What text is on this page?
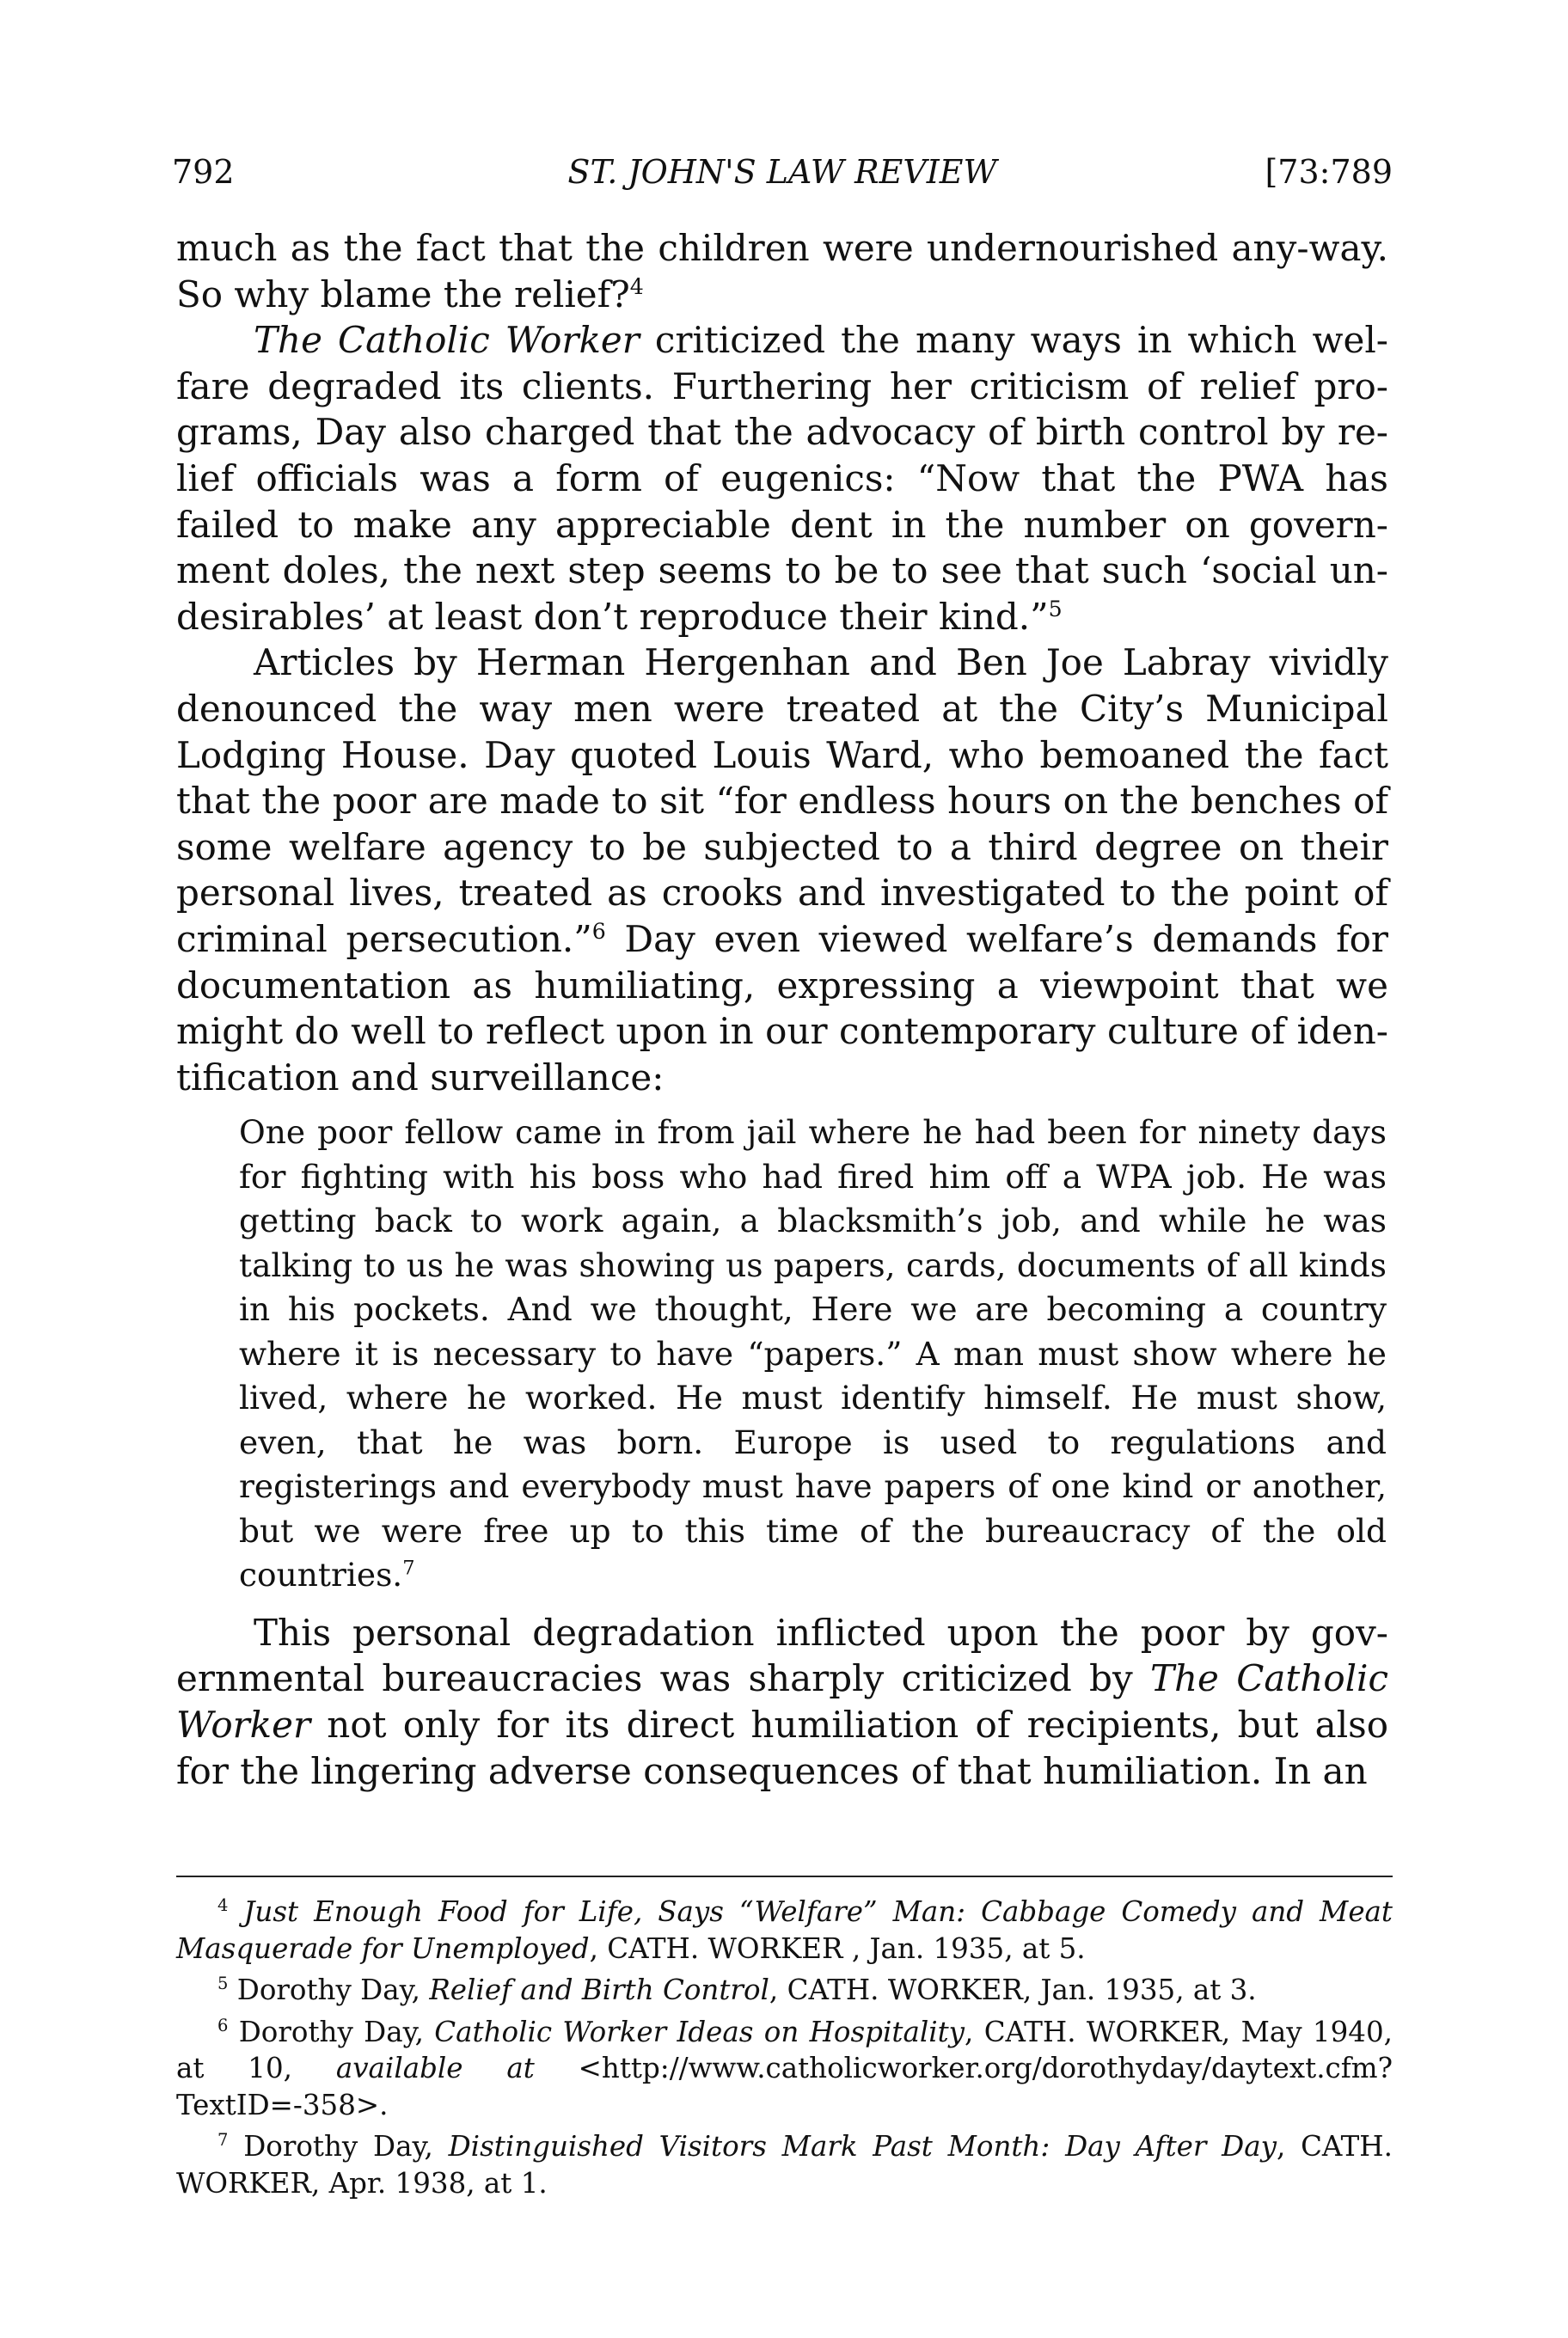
792	ST. JOHN'S LAW REVIEW	[73:789

much as the fact that the children were undernourished any-way. So why blame the relief?$^4$

The Catholic Worker criticized the many ways in which wel-fare degraded its clients. Furthering her criticism of relief pro-grams, Day also charged that the advocacy of birth control by re-lief officials was a form of eugenics: “Now that the PWA has failed to make any appreciable dent in the number on govern-ment doles, the next step seems to be to see that such ‘social un-desirables’ at least don’t reproduce their kind.”$^5$

Articles by Herman Hergenhan and Ben Joe Labray vividly denounced the way men were treated at the City’s Municipal Lodging House. Day quoted Louis Ward, who bemoaned the fact that the poor are made to sit “for endless hours on the benches of some welfare agency to be subjected to a third degree on their personal lives, treated as crooks and investigated to the point of criminal persecution.”$^6$ Day even viewed welfare’s demands for documentation as humiliating, expressing a viewpoint that we might do well to reflect upon in our contemporary culture of iden-tification and surveillance:

One poor fellow came in from jail where he had been for ninety days for fighting with his boss who had fired him off a WPA job. He was getting back to work again, a blacksmith’s job, and while he was talking to us he was showing us papers, cards, documents of all kinds in his pockets. And we thought, Here we are becoming a country where it is necessary to have “papers.” A man must show where he lived, where he worked. He must identify himself. He must show, even, that he was born. Europe is used to regulations and registerings and everybody must have papers of one kind or another, but we were free up to this time of the bureaucracy of the old countries.$^7$

This personal degradation inflicted upon the poor by gov-ernmental bureaucracies was sharply criticized by The Catholic Worker not only for its direct humiliation of recipients, but also for the lingering adverse consequences of that humiliation. In an

$^4$ Just Enough Food for Life, Says “Welfare” Man: Cabbage Comedy and Meat Masquerade for Unemployed, CATH. WORKER , Jan. 1935, at 5.

$^5$ Dorothy Day, Relief and Birth Control, CATH. WORKER, Jan. 1935, at 3.

$^6$ Dorothy Day, Catholic Worker Ideas on Hospitality, CATH. WORKER, May 1940, at 10, available at <http://www.catholicworker.org/dorothyday/daytext.cfm?TextID=-358>.

$^7$ Dorothy Day, Distinguished Visitors Mark Past Month: Day After Day, CATH. WORKER, Apr. 1938, at 1.
